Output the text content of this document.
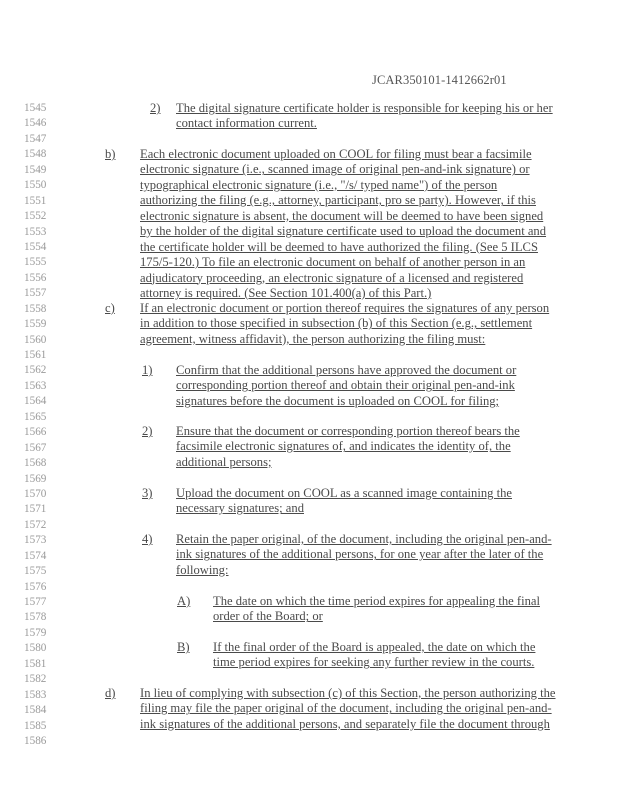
JCAR350101-1412662r01
1545
1546
1547
1548
1549
1550
1551
1552
1553
1554
1555
1556
1557
1558
1559
1560
1561
1562
1563
1564
1565
1566
1567
1568
1569
1570
1571
1572
1573
1574
1575
1576
1577
1578
1579
1580
1581
1582
1583
1584
1585
1586
2) The digital signature certificate holder is responsible for keeping his or her
contact information current.
b) Each electronic document uploaded on COOL for filing must bear a facsimile
electronic signature (i.e., scanned image of original pen-and-ink signature) or
typographical electronic signature (i.e., "/s/ typed name") of the person
authorizing the filing (e.g., attorney, participant, pro se party). However, if this
electronic signature is absent, the document will be deemed to have been signed
by the holder of the digital signature certificate used to upload the document and
the certificate holder will be deemed to have authorized the filing. (See 5 ILCS
175/5-120.) To file an electronic document on behalf of another person in an
adjudicatory proceeding, an electronic signature of a licensed and registered
attorney is required. (See Section 101.400(a) of this Part.)
c) If an electronic document or portion thereof requires the signatures of any person
in addition to those specified in subsection (b) of this Section (e.g., settlement
agreement, witness affidavit), the person authorizing the filing must:
1) Confirm that the additional persons have approved the document or
corresponding portion thereof and obtain their original pen-and-ink
signatures before the document is uploaded on COOL for filing;
2) Ensure that the document or corresponding portion thereof bears the
facsimile electronic signatures of, and indicates the identity of, the
additional persons;
3) Upload the document on COOL as a scanned image containing the
necessary signatures; and
4) Retain the paper original, of the document, including the original pen-and-
ink signatures of the additional persons, for one year after the later of the
following:
A) The date on which the time period expires for appealing the final
order of the Board; or
B) If the final order of the Board is appealed, the date on which the
time period expires for seeking any further review in the courts.
d) In lieu of complying with subsection (c) of this Section, the person authorizing the
filing may file the paper original of the document, including the original pen-and-
ink signatures of the additional persons, and separately file the document through
